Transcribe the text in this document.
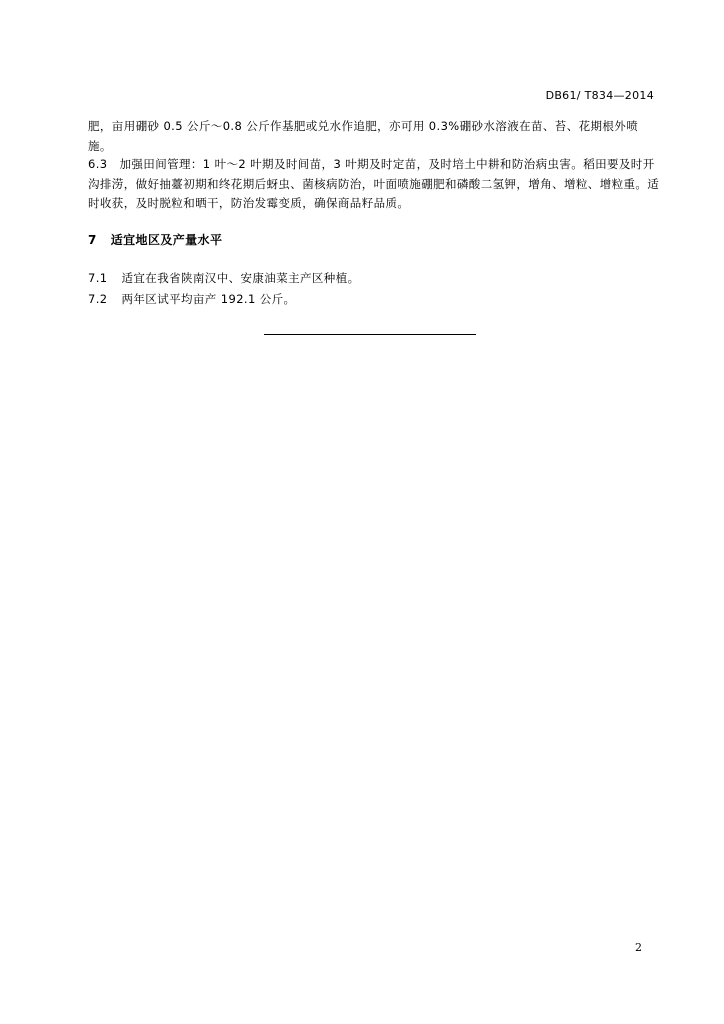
DB61/ T834—2014
肥，亩用硼砂 0.5 公斤～0.8 公斤作基肥或兑水作追肥，亦可用 0.3%硼砂水溶液在苗、苔、花期根外喷施。
6.3 加强田间管理：1 叶～2 叶期及时间苗，3 叶期及时定苗，及时培土中耕和防治病虫害。稻田要及时开沟排涝，做好抽薹初期和终花期后蚜虫、菌核病防治，叶面喷施硼肥和磷酸二氢钾，增角、增粒、增粒重。适时收获，及时脱粒和晒干，防治发霉变质，确保商品籽品质。
7 适宜地区及产量水平
7.1 适宜在我省陕南汉中、安康油菜主产区种植。
7.2 两年区试平均亩产 192.1 公斤。
2
